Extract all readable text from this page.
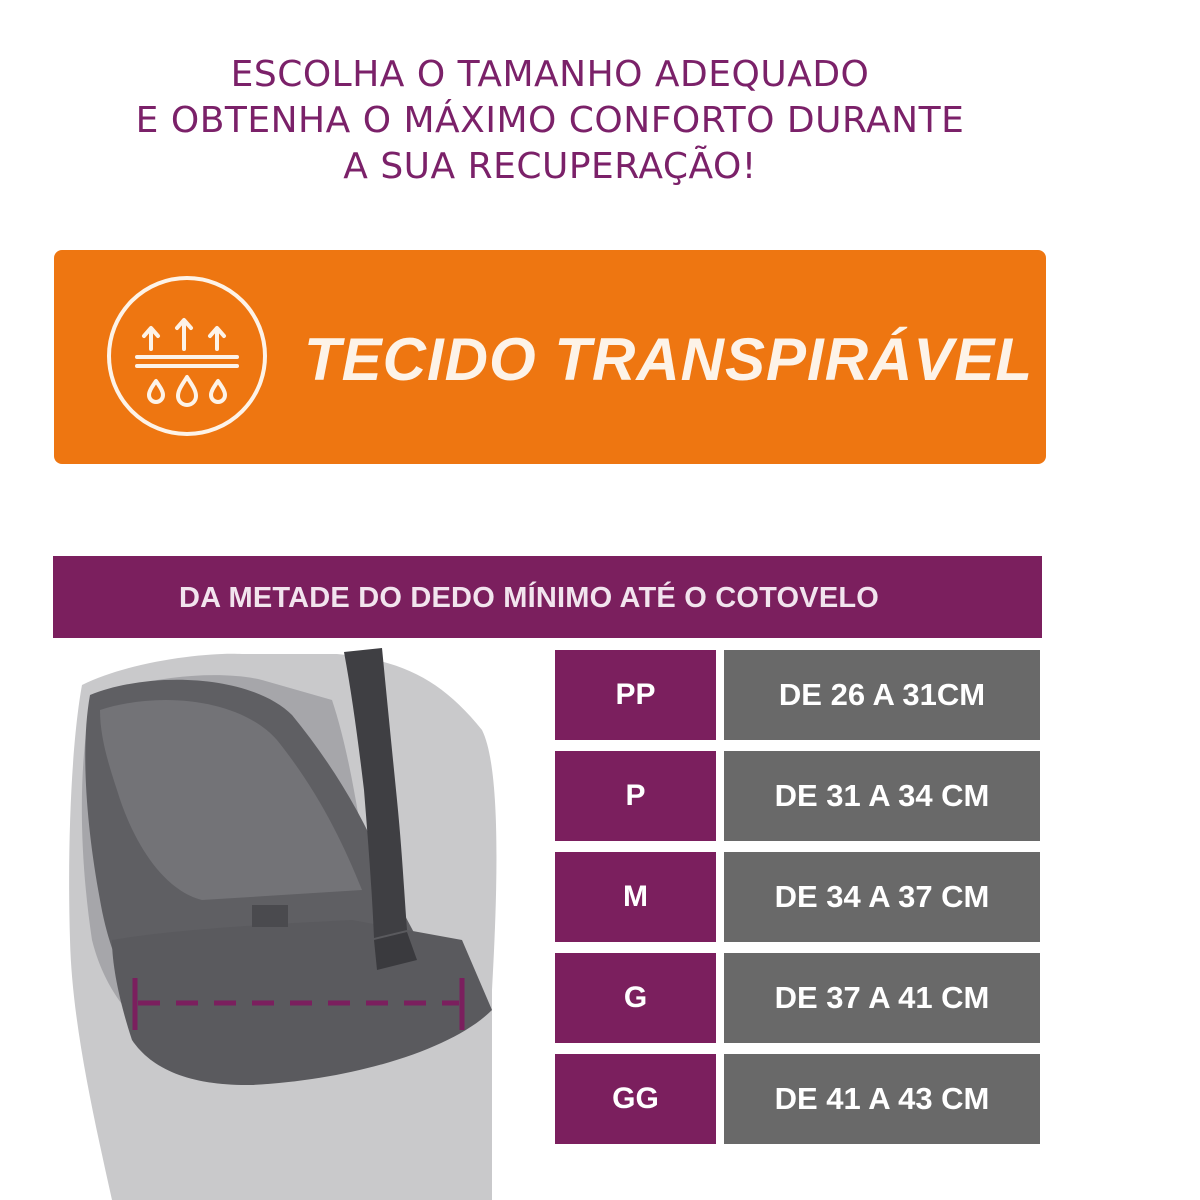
ESCOLHA O TAMANHO ADEQUADO
E OBTENHA O MÁXIMO CONFORTO DURANTE
A SUA RECUPERAÇÃO!
TECIDO TRANSPIRÁVEL
DA METADE DO DEDO MÍNIMO ATÉ O COTOVELO
PP	DE 26 A 31CM
P	DE 31 A 34 CM
M	DE 34 A 37 CM
G	DE 37 A 41 CM
GG	DE 41 A 43 CM
